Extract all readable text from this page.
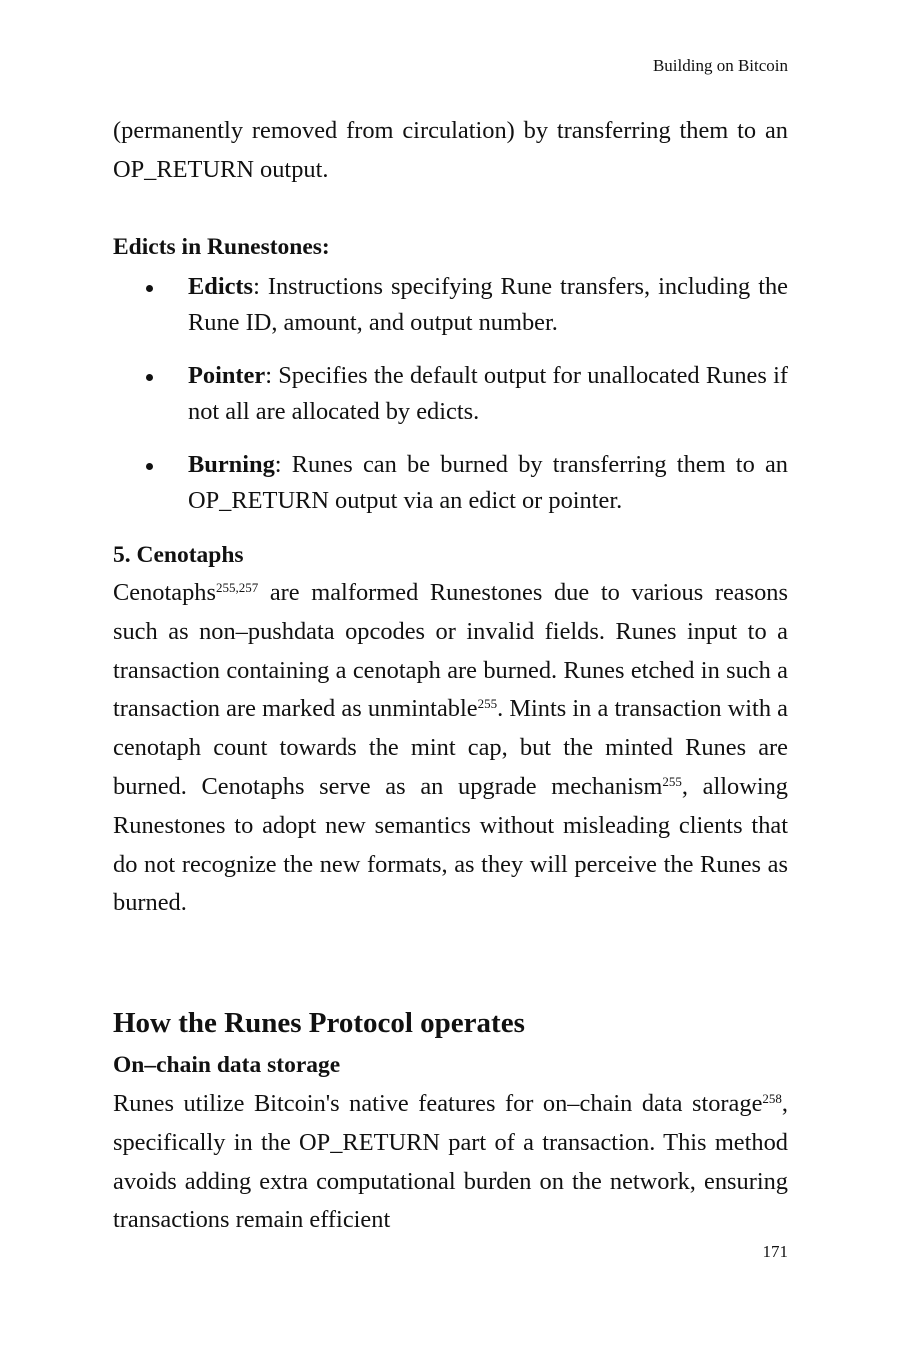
Building on Bitcoin

(permanently removed from circulation) by transferring them to an OP_RETURN output.

Edicts in Runestones:

Edicts: Instructions specifying Rune transfers, including the Rune ID, amount, and output number.

Pointer: Specifies the default output for unallocated Runes if not all are allocated by edicts.

Burning: Runes can be burned by transferring them to an OP_RETURN output via an edict or pointer.

5. Cenotaphs

Cenotaphs$^{255,257}$ are malformed Runestones due to various reasons such as non–pushdata opcodes or invalid fields. Runes input to a transaction containing a cenotaph are burned. Runes etched in such a transaction are marked as unmintable$^{255}$. Mints in a transaction with a cenotaph count towards the mint cap, but the minted Runes are burned. Cenotaphs serve as an upgrade mechanism$^{255}$, allowing Runestones to adopt new semantics without misleading clients that do not recognize the new formats, as they will perceive the Runes as burned.

How the Runes Protocol operates
On–chain data storage

Runes utilize Bitcoin's native features for on–chain data storage$^{258}$, specifically in the OP_RETURN part of a transaction. This method avoids adding extra computational burden on the network, ensuring transactions remain efficient

171
